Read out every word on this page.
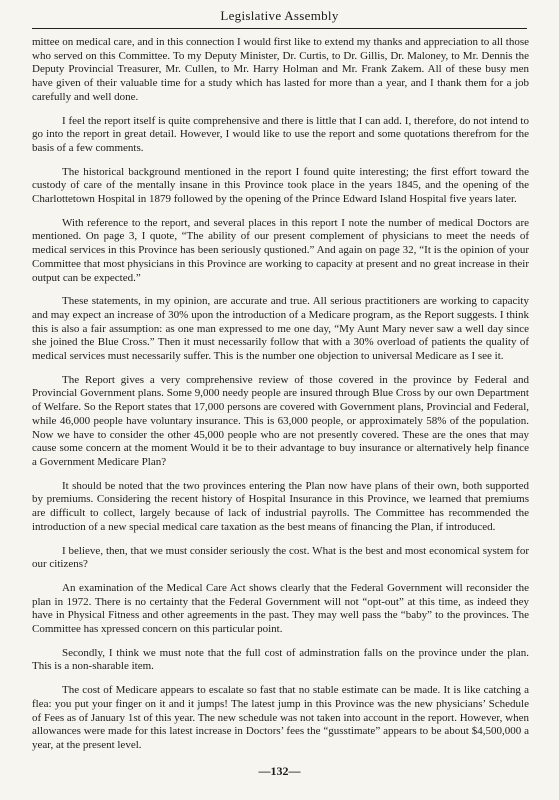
Legislative Assembly

mittee on medical care, and in this connection I would first like to extend my thanks and appreciation to all those who served on this Committee. To my Deputy Minister, Dr. Curtis, to Dr. Gillis, Dr. Maloney, to Mr. Dennis the Deputy Provincial Treasurer, Mr. Cullen, to Mr. Harry Holman and Mr. Frank Zakem. All of these busy men have given of their valuable time for a study which has lasted for more than a year, and I thank them for a job carefully and well done.

I feel the report itself is quite comprehensive and there is little that I can add. I, therefore, do not intend to go into the report in great detail. However, I would like to use the report and some quotations therefrom for the basis of a few comments.

The historical background mentioned in the report I found quite interesting; the first effort toward the custody of care of the mentally insane in this Province took place in the years 1845, and the opening of the Charlottetown Hospital in 1879 followed by the opening of the Prince Edward Island Hospital five years later.

With reference to the report, and several places in this report I note the number of medical Doctors are mentioned. On page 3, I quote, “The ability of our present complement of physicians to meet the needs of medical services in this Province has been seriously qustioned.” And again on page 32, “It is the opinion of your Committee that most physicians in this Province are working to capacity at present and no great increase in their output can be expected.”

These statements, in my opinion, are accurate and true. All serious practitioners are working to capacity and may expect an increase of 30% upon the introduction of a Medicare program, as the Report suggests. I think this is also a fair assumption: as one man expressed to me one day, “My Aunt Mary never saw a well day since she joined the Blue Cross.” Then it must necessarily follow that with a 30% overload of patients the quality of medical services must necessarily suffer. This is the number one objection to universal Medicare as I see it.

The Report gives a very comprehensive review of those covered in the province by Federal and Provincial Government plans. Some 9,000 needy people are insured through Blue Cross by our own Department of Welfare. So the Report states that 17,000 persons are covered with Government plans, Provincial and Federal, while 46,000 people have voluntary insurance. This is 63,000 people, or approximately 58% of the population. Now we have to consider the other 45,000 people who are not presently covered. These are the ones that may cause some concern at the moment Would it be to their advantage to buy insurance or alternatively help finance a Government Medicare Plan?

It should be noted that the two provinces entering the Plan now have plans of their own, both supported by premiums. Considering the recent history of Hospital Insurance in this Province, we learned that premiums are difficult to collect, largely because of lack of industrial payrolls. The Committee has recommended the introduction of a new special medical care taxation as the best means of financing the Plan, if introduced.

I believe, then, that we must consider seriously the cost. What is the best and most economical system for our citizens?

An examination of the Medical Care Act shows clearly that the Federal Government will reconsider the plan in 1972. There is no certainty that the Federal Government will not “opt-out” at this time, as indeed they have in Physical Fitness and other agreements in the past. They may well pass the “baby” to the provinces. The Committee has xpressed concern on this particular point.

Secondly, I think we must note that the full cost of adminstration falls on the province under the plan. This is a non-sharable item.

The cost of Medicare appears to escalate so fast that no stable estimate can be made. It is like catching a flea: you put your finger on it and it jumps! The latest jump in this Province was the new physicians’ Schedule of Fees as of January 1st of this year. The new schedule was not taken into account in the report. However, when allowances were made for this latest increase in Doctors’ fees the “gusstimate” appears to be about $4,500,000 a year, at the present level.

—132—
